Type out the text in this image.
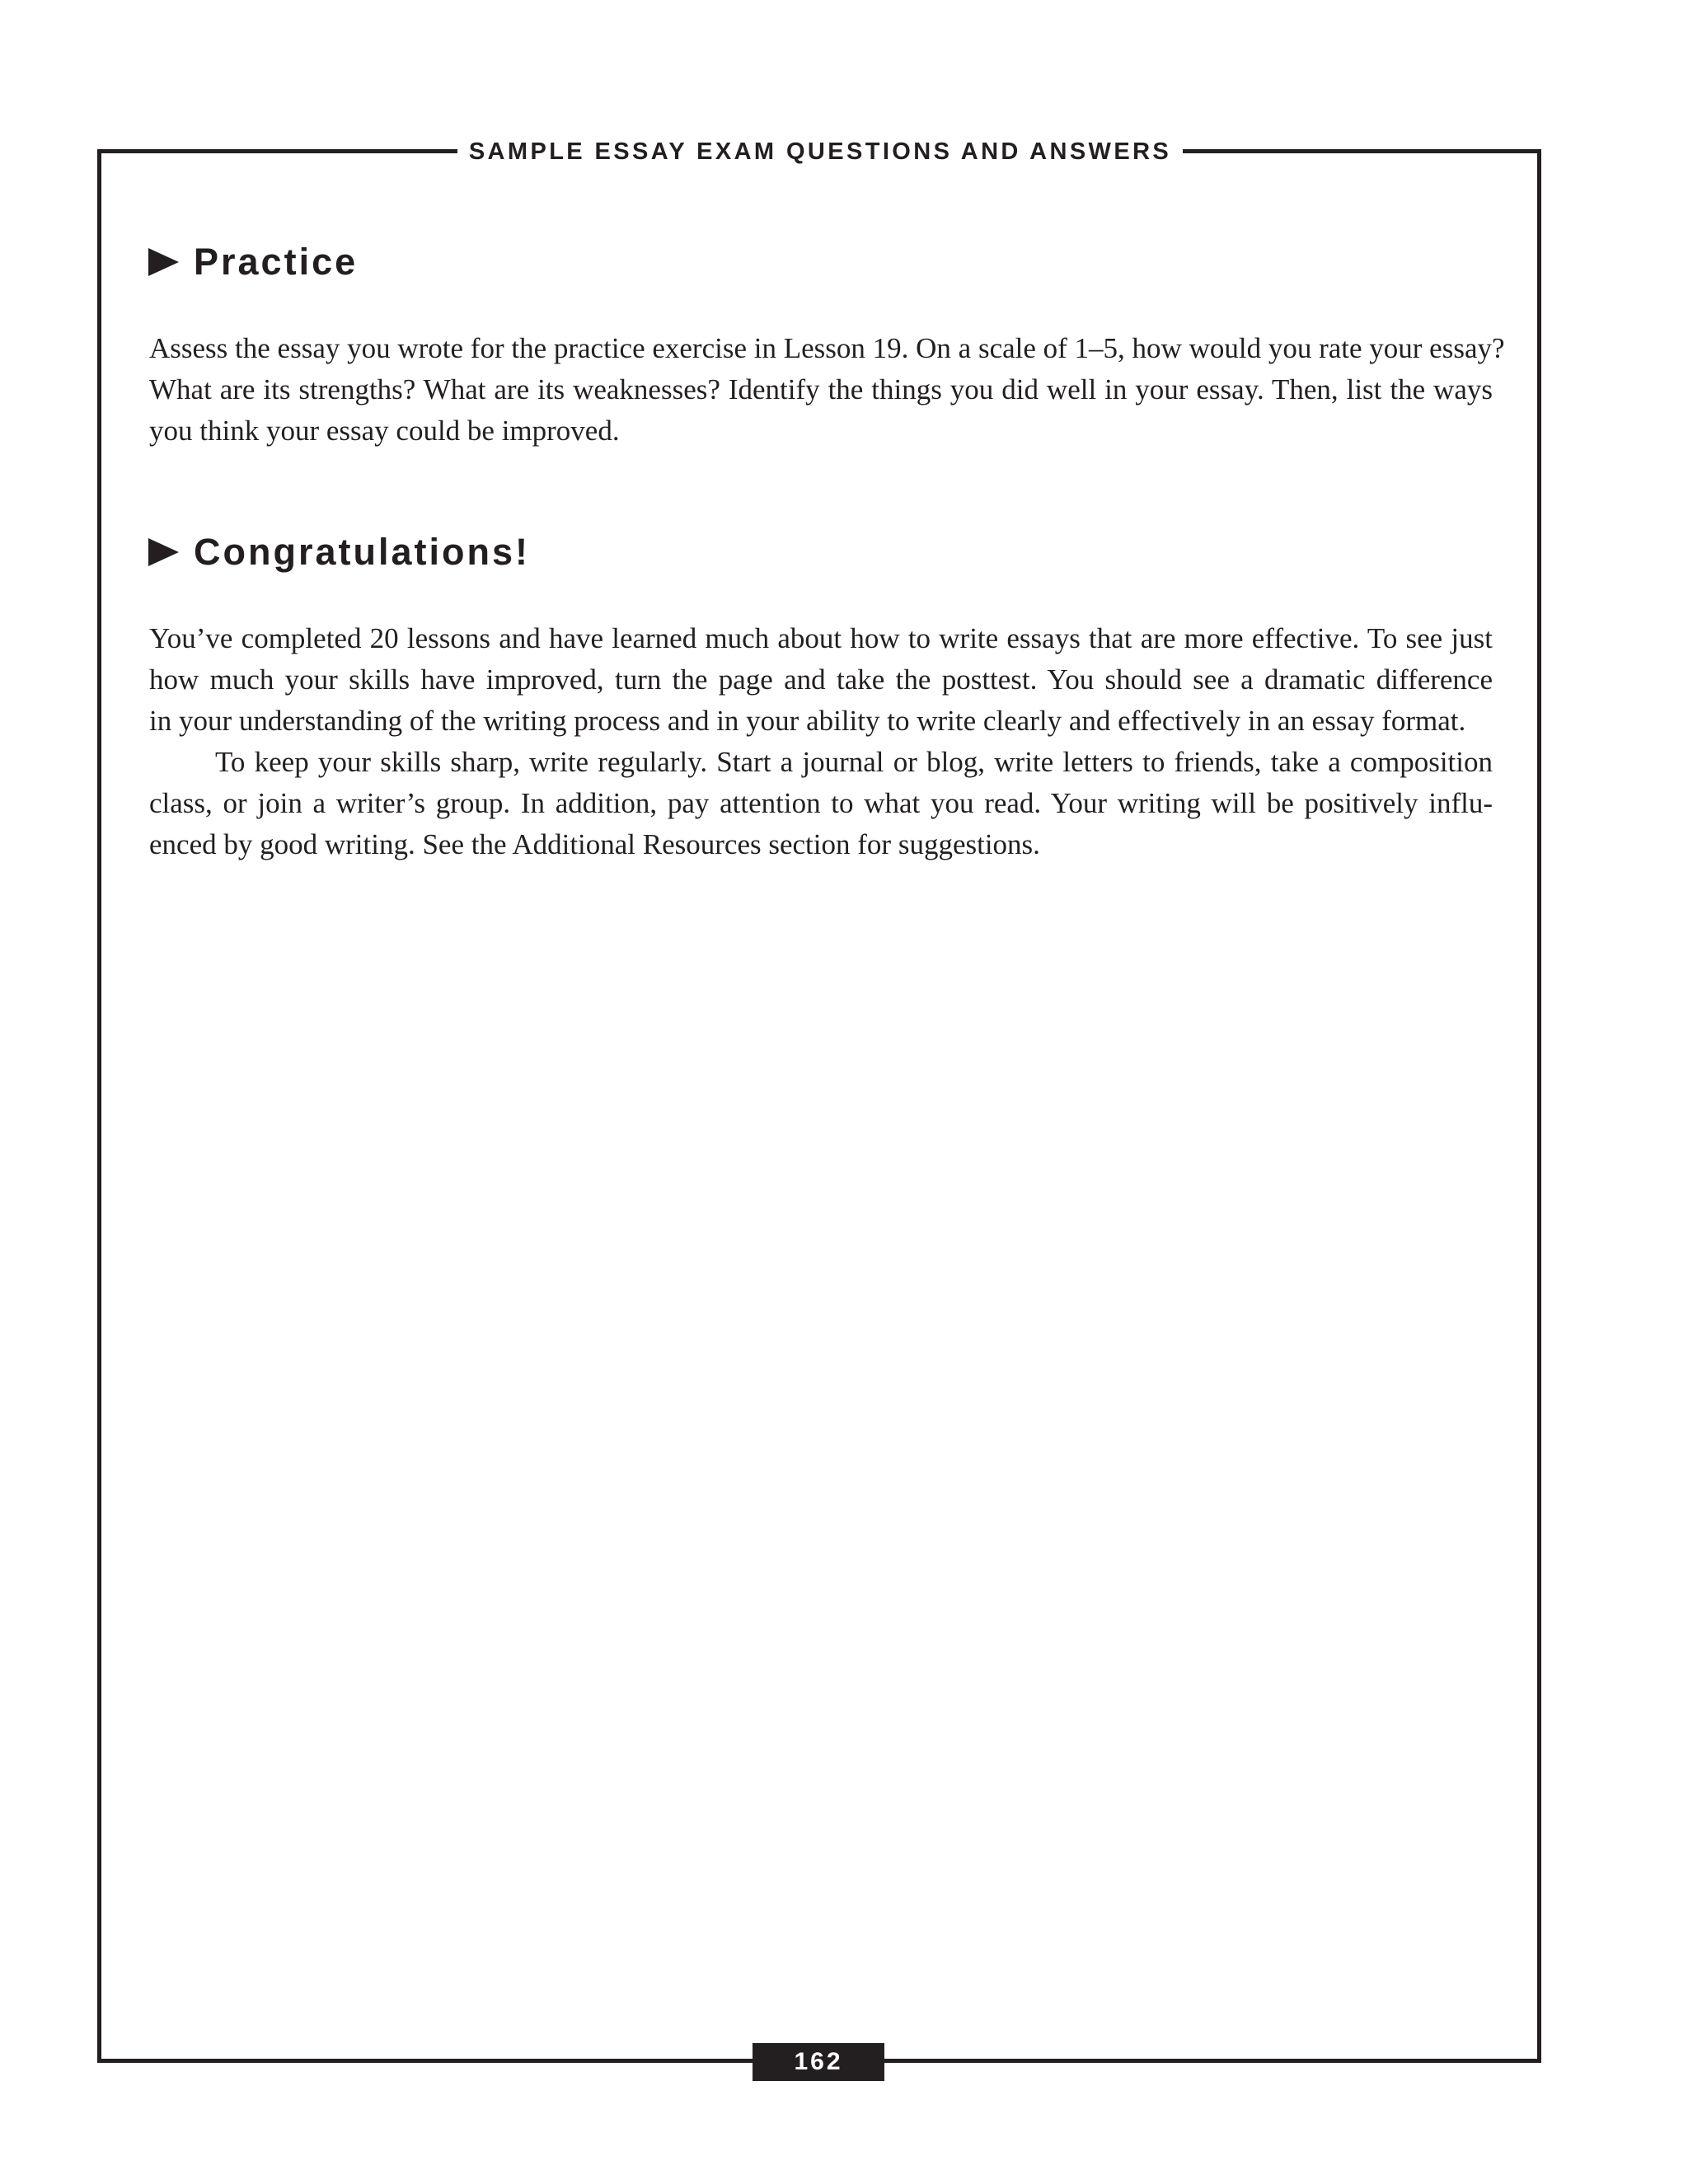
SAMPLE ESSAY EXAM QUESTIONS AND ANSWERS
Practice
Assess the essay you wrote for the practice exercise in Lesson 19. On a scale of 1–5, how would you rate your essay?
What are its strengths? What are its weaknesses? Identify the things you did well in your essay. Then, list the ways
you think your essay could be improved.
Congratulations!
You’ve completed 20 lessons and have learned much about how to write essays that are more effective. To see just
how much your skills have improved, turn the page and take the posttest. You should see a dramatic difference
in your understanding of the writing process and in your ability to write clearly and effectively in an essay format.
To keep your skills sharp, write regularly. Start a journal or blog, write letters to friends, take a composition
class, or join a writer’s group. In addition, pay attention to what you read. Your writing will be positively influ-
enced by good writing. See the Additional Resources section for suggestions.
162
